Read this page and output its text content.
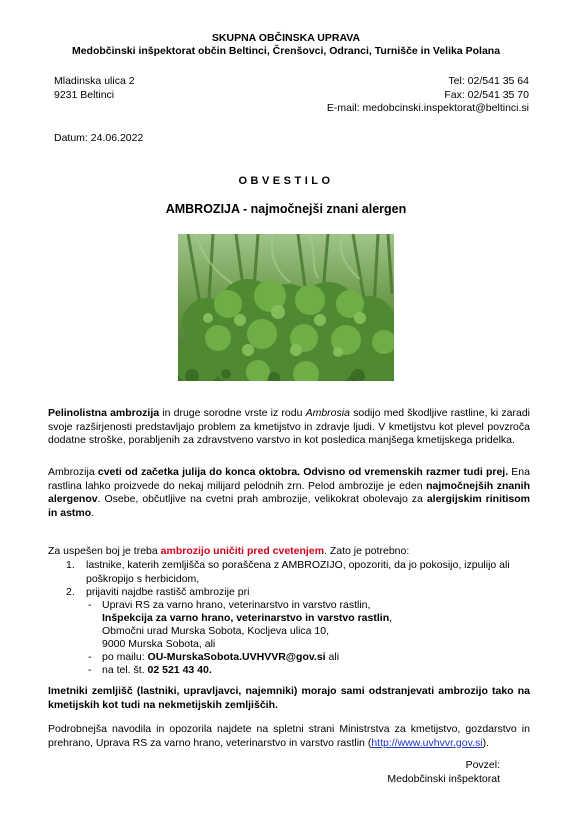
SKUPNA OBČINSKA UPRAVA
Medobčinski inšpektorat občin Beltinci, Črenšovci, Odranci, Turnišče in Velika Polana
Mladinska ulica 2
9231 Beltinci
Tel: 02/541 35 64
Fax: 02/541 35 70
E-mail: medobcinski.inspektorat@beltinci.si
Datum: 24.06.2022
OBVESTILO
AMBROZIJA - najmočnejši znani alergen
Pelinolistna ambrozija in druge sorodne vrste iz rodu Ambrosia sodijo med škodljive rastline, ki zaradi svoje razširjenosti predstavljajo problem za kmetijstvo in zdravje ljudi. V kmetijstvu kot plevel povzroča dodatne stroške, porabljenih za zdravstveno varstvo in kot posledica manjšega kmetijskega pridelka.
Ambrozija cveti od začetka julija do konca oktobra. Odvisno od vremenskih razmer tudi prej. Ena rastlina lahko proizvede do nekaj milijard pelodnih zrn. Pelod ambrozije je eden najmočnejših znanih alergenov. Osebe, občutljive na cvetni prah ambrozije, velikokrat obolevajo za alergijskim rinitisom in astmo.
Za uspešen boj je treba ambrozijo uničiti pred cvetenjem. Zato je potrebno:
1.	lastnike, katerih zemljišča so poraščena z AMBROZIJO, opozoriti, da jo pokosijo, izpulijo ali poškropijo s herbicidom,
2.	prijaviti najdbe rastišč ambrozije pri
- Upravi RS za varno hrano, veterinarstvo in varstvo rastlin,
Inšpekcija za varno hrano, veterinarstvo in varstvo rastlin,
Območni urad Murska Sobota, Kocljeva ulica 10,
9000 Murska Sobota, ali
- po mailu: OU-MurskaSobota.UVHVVR@gov.si ali
- na tel. št. 02 521 43 40.
Imetniki zemljišč (lastniki, upravljavci, najemniki) morajo sami odstranjevati ambrozijo tako na kmetijskih kot tudi na nekmetijskih zemljiščih.
Podrobnejša navodila in opozorila najdete na spletni strani Ministrstva za kmetijstvo, gozdarstvo in prehrano, Uprava RS za varno hrano, veterinarstvo in varstvo rastlin (http://www.uvhvvr.gov.si).
Povzel:
Medobčinski inšpektorat
